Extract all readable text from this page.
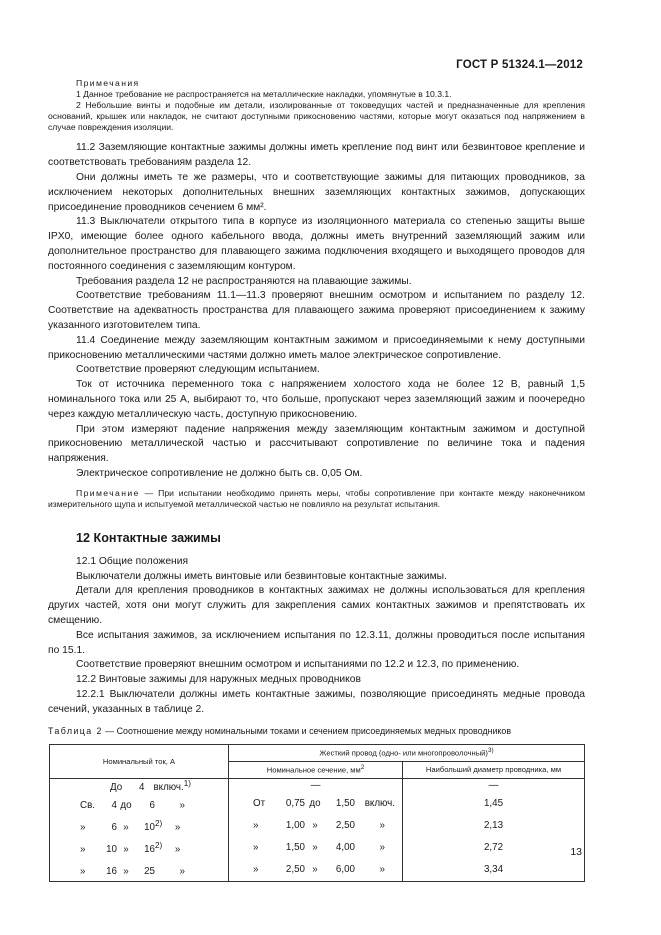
ГОСТ Р 51324.1—2012

Примечания

1 Данное требование не распространяется на металлические накладки, упомянутые в 10.3.1.

2 Небольшие винты и подобные им детали, изолированные от токоведущих частей и предназначенные для крепления оснований, крышек или накладок, не считают доступными прикосновению частями, которые могут оказаться под напряжением в случае повреждения изоляции.

11.2 Заземляющие контактные зажимы должны иметь крепление под винт или безвинтовое крепление и соответствовать требованиям раздела 12.

Они должны иметь те же размеры, что и соответствующие зажимы для питающих проводников, за исключением некоторых дополнительных внешних заземляющих контактных зажимов, допускающих присоединение проводников сечением 6 мм².

11.3 Выключатели открытого типа в корпусе из изоляционного материала со степенью защиты выше IPX0, имеющие более одного кабельного ввода, должны иметь внутренний заземляющий зажим или дополнительное пространство для плавающего зажима подключения входящего и выходящего проводов для постоянного соединения с заземляющим контуром.

Требования раздела 12 не распространяются на плавающие зажимы.

Соответствие требованиям 11.1—11.3 проверяют внешним осмотром и испытанием по разделу 12. Соответствие на адекватность пространства для плавающего зажима проверяют присоединением к зажиму указанного изготовителем типа.

11.4 Соединение между заземляющим контактным зажимом и присоединяемыми к нему доступными прикосновению металлическими частями должно иметь малое электрическое сопротивление.

Соответствие проверяют следующим испытанием.

Ток от источника переменного тока с напряжением холостого хода не более 12 В, равный 1,5 номинального тока или 25 А, выбирают то, что больше, пропускают через заземляющий зажим и поочередно через каждую металлическую часть, доступную прикосновению.

При этом измеряют падение напряжения между заземляющим контактным зажимом и доступной прикосновению металлической частью и рассчитывают сопротивление по величине тока и падения напряжения.

Электрическое сопротивление не должно быть св. 0,05 Ом.

Примечание — При испытании необходимо принять меры, чтобы сопротивление при контакте между наконечником измерительного щупа и испытуемой металлической частью не повлияло на результат испытания.
12 Контактные зажимы

12.1 Общие положения

Выключатели должны иметь винтовые или безвинтовые контактные зажимы.

Детали для крепления проводников в контактных зажимах не должны использоваться для крепления других частей, хотя они могут служить для закрепления самих контактных зажимов и препятствовать их смещению.

Все испытания зажимов, за исключением испытания по 12.3.11, должны проводиться после испытания по 15.1.

Соответствие проверяют внешним осмотром и испытаниями по 12.2 и 12.3, по применению.

12.2 Винтовые зажимы для наружных медных проводников

12.2.1 Выключатели должны иметь контактные зажимы, позволяющие присоединять медные провода сечений, указанных в таблице 2.

Таблица 2 — Соотношение между номинальными токами и сечением присоединяемых медных проводников
Номинальный ток, А	Жесткий провод (одно- или многопроволочный)$^{3)}$
	Номинальное сечение, $мм^2$	Наибольший диаметр проводника, мм
До 4 включ.$^{1)}$	—	—
Св. 4 до 6 »	От 0,75 до 1,50 включ.	1,45
» 6 » 10$^{2)}$ »	» 1,00 » 2,50 »	2,13
» 10 » 16$^{2)}$ »	» 1,50 » 4,00 »	2,72
» 16 » 25 »	» 2,50 » 6,00 »	3,34
13
